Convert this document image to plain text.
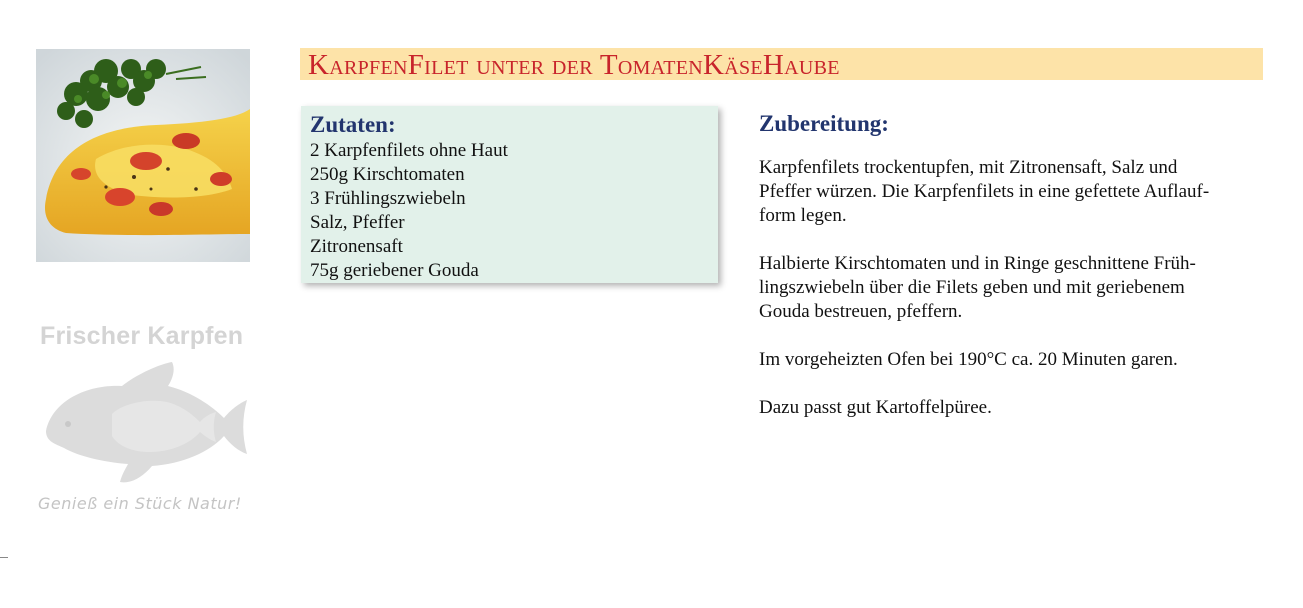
Frischer Karpfen
Genieß ein Stück Natur!
KarpfenFilet unter der TomatenKäseHaube
Zutaten:
2 Karpfenfilets ohne Haut
250g Kirschtomaten
3 Frühlingszwiebeln
Salz, Pfeffer
Zitronensaft
75g geriebener Gouda
Zubereitung:

Karpfenfilets trockentupfen, mit Zitronensaft, Salz und
Pfeffer würzen. Die Karpfenfilets in eine gefettete Auflauf-
form legen.

Halbierte Kirschtomaten und in Ringe geschnittene Früh-
lingszwiebeln über die Filets geben und mit geriebenem
Gouda bestreuen, pfeffern.

Im vorgeheizten Ofen bei 190°C ca. 20 Minuten garen.

Dazu passt gut Kartoffelpüree.
